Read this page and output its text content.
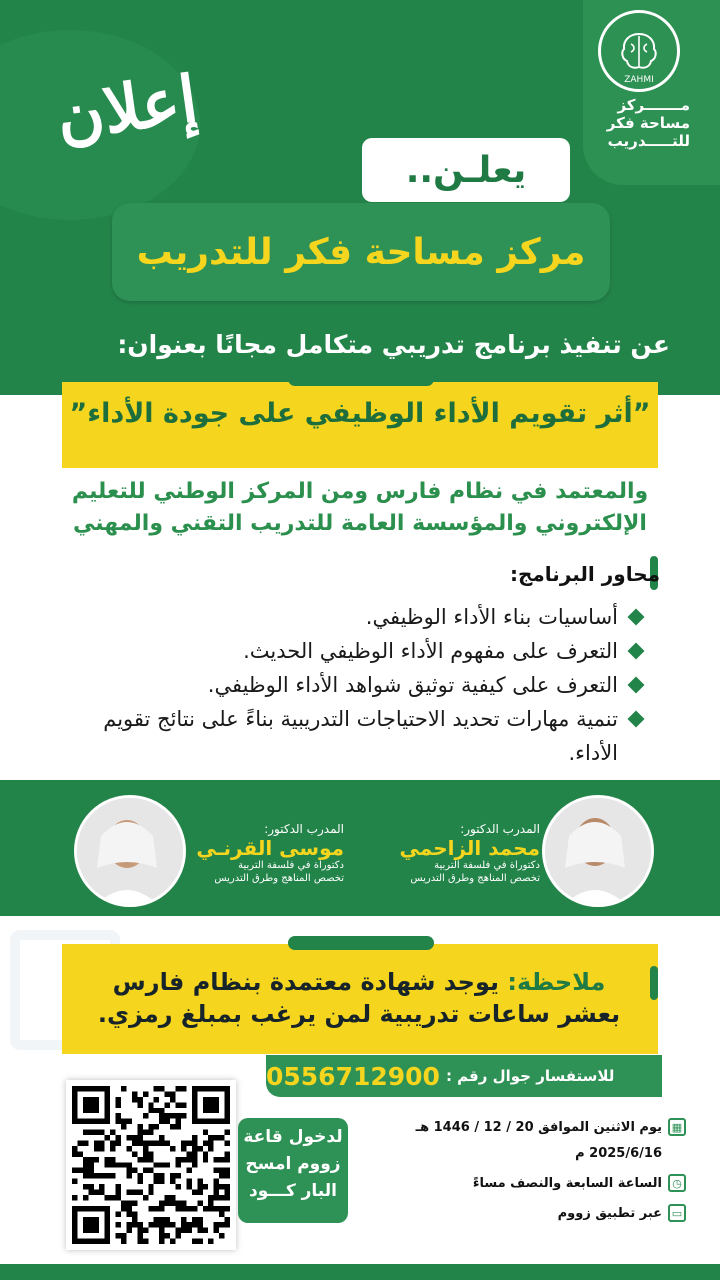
ZAHMI
مـــــــركز
مساحة فكر
للتـــــدريب
إعلان
يعلـن..
مركز مساحة فكر للتدريب
عن تنفيذ برنامج تدريبي متكامل مجانًا بعنوان:
”أثر تقويم الأداء الوظيفي على جودة الأداء”
والمعتمد في نظام فارس ومن المركز الوطني للتعليم
الإلكتروني والمؤسسة العامة للتدريب التقني والمهني
محاور البرنامج:
أساسيات بناء الأداء الوظيفي.
التعرف على مفهوم الأداء الوظيفي الحديث.
التعرف على كيفية توثيق شواهد الأداء الوظيفي.
تنمية مهارات تحديد الاحتياجات التدريبية بناءً على نتائج تقويم الأداء.
المدرب الدكتور:
محمد الزاحمي
دكتوراة في فلسفة التربية
تخصص المناهج وطرق التدريس
المدرب الدكتور:
موسى القرنـي
دكتوراة في فلسفة التربية
تخصص المناهج وطرق التدريس
ملاحظة: يوجد شهادة معتمدة بنظام فارس
بعشر ساعات تدريبية لمن يرغب بمبلغ رمزي.
للاستفسار جوال رقم :
0556712900
لدخول قاعة
زووم امسح
البار كـــود
▦
يوم الاثنين الموافق 20 / 12 / 1446 هـ
2025/6/16 م
◷
الساعة السابعة والنصف مساءً
▭
عبر تطبيق زووم
